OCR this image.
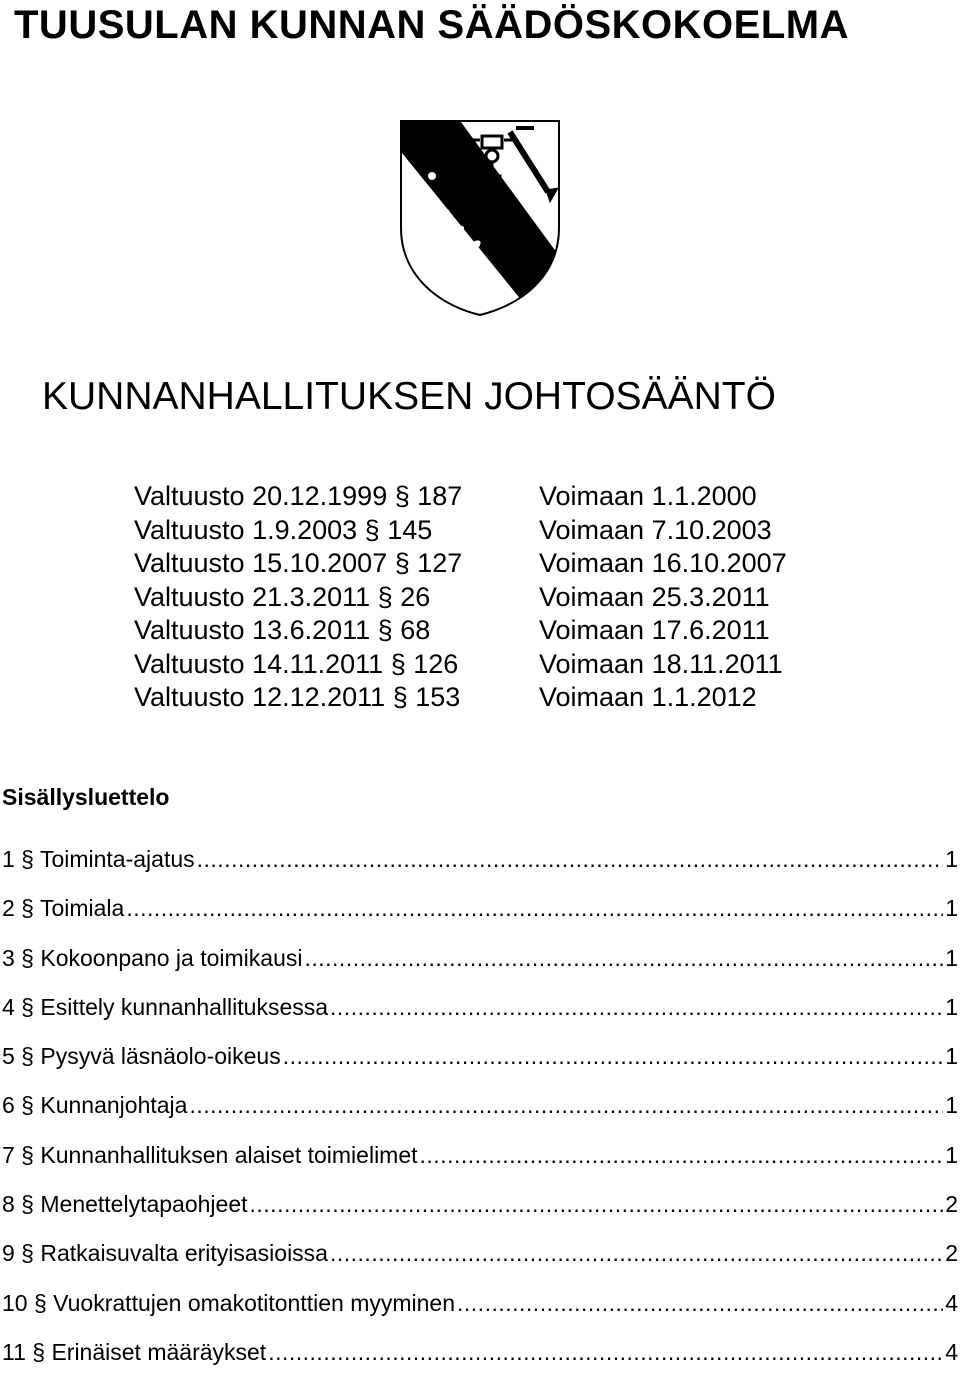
TUUSULAN KUNNAN SÄÄDÖSKOKOELMA
KUNNANHALLITUKSEN JOHTOSÄÄNTÖ
Valtuusto 20.12.1999 § 187	Voimaan 1.1.2000
Valtuusto 1.9.2003 § 145	Voimaan 7.10.2003
Valtuusto 15.10.2007 § 127	Voimaan 16.10.2007
Valtuusto 21.3.2011 § 26	Voimaan 25.3.2011
Valtuusto 13.6.2011 § 68	Voimaan 17.6.2011
Valtuusto 14.11.2011 § 126	Voimaan 18.11.2011
Valtuusto 12.12.2011 § 153	Voimaan 1.1.2012
Sisällysluettelo
1 § Toiminta-ajatus .....	1
2 § Toimiala .....	1
3 § Kokoonpano ja toimikausi .....	1
4 § Esittely kunnanhallituksessa .....	1
5 § Pysyvä läsnäolo-oikeus .....	1
6 § Kunnanjohtaja .....	1
7 § Kunnanhallituksen alaiset toimielimet .....	1
8 § Menettelytapaohjeet .....	2
9 § Ratkaisuvalta erityisasioissa .....	2
10 § Vuokrattujen omakotitonttien myyminen .....	4
11 § Erinäiset määräykset .....	4
